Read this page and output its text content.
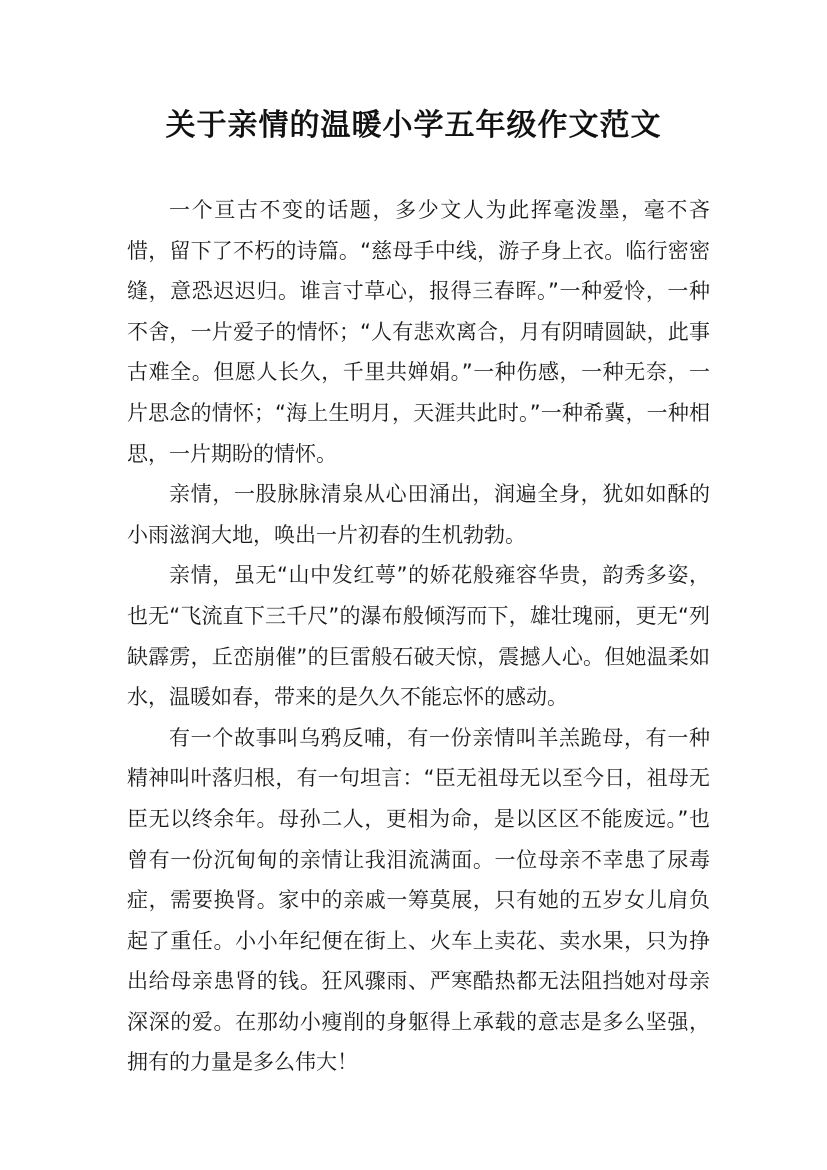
关于亲情的温暖小学五年级作文范文

一个亘古不变的话题，多少文人为此挥毫泼墨，毫不吝惜，留下了不朽的诗篇。“慈母手中线，游子身上衣。临行密密缝，意恐迟迟归。谁言寸草心，报得三春晖。”一种爱怜，一种不舍，一片爱子的情怀；“人有悲欢离合，月有阴晴圆缺，此事古难全。但愿人长久，千里共婵娟。”一种伤感，一种无奈，一片思念的情怀；“海上生明月，天涯共此时。”一种希冀，一种相思，一片期盼的情怀。

亲情，一股脉脉清泉从心田涌出，润遍全身，犹如如酥的小雨滋润大地，唤出一片初春的生机勃勃。

亲情，虽无“山中发红萼”的娇花般雍容华贵，韵秀多姿，也无“飞流直下三千尺”的瀑布般倾泻而下，雄壮瑰丽，更无“列缺霹雳，丘峦崩催”的巨雷般石破天惊，震撼人心。但她温柔如水，温暖如春，带来的是久久不能忘怀的感动。

有一个故事叫乌鸦反哺，有一份亲情叫羊羔跪母，有一种精神叫叶落归根，有一句坦言：“臣无祖母无以至今日，祖母无臣无以终余年。母孙二人，更相为命，是以区区不能废远。”也曾有一份沉甸甸的亲情让我泪流满面。一位母亲不幸患了尿毒症，需要换肾。家中的亲戚一筹莫展，只有她的五岁女儿肩负起了重任。小小年纪便在街上、火车上卖花、卖水果，只为挣出给母亲患肾的钱。狂风骤雨、严寒酷热都无法阻挡她对母亲深深的爱。在那幼小瘦削的身躯得上承载的意志是多么坚强，拥有的力量是多么伟大！
